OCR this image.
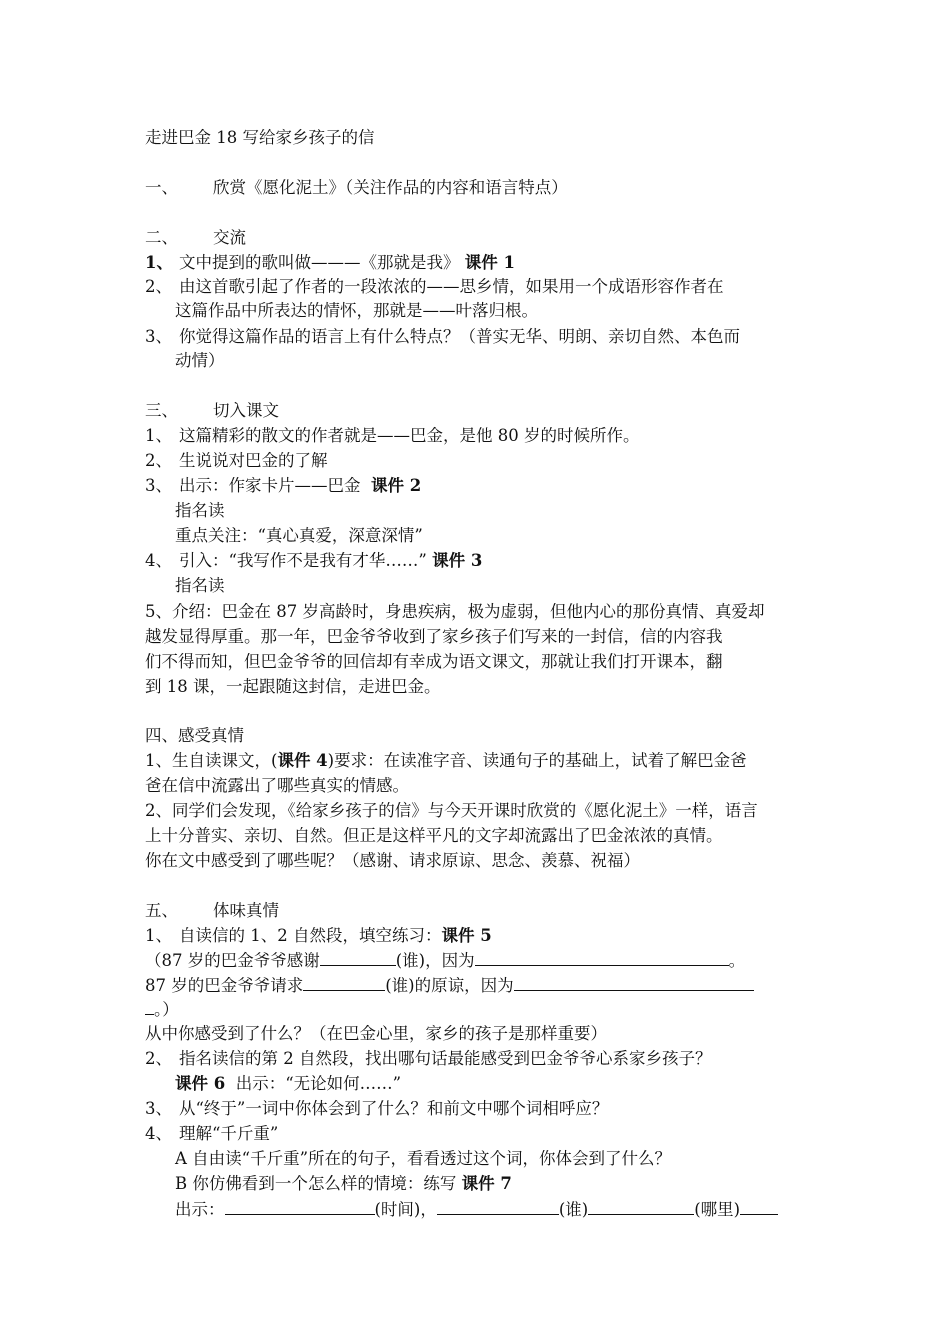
走进巴金 18 写给家乡孩子的信
一、 欣赏《愿化泥土》（关注作品的内容和语言特点）
二、 交流
1、 文中提到的歌叫做———《那就是我》 课件 1
2、 由这首歌引起了作者的一段浓浓的——思乡情，如果用一个成语形容作者在
这篇作品中所表达的情怀，那就是——叶落归根。
3、 你觉得这篇作品的语言上有什么特点？（普实无华、明朗、亲切自然、本色而
动情）
三、 切入课文
1、 这篇精彩的散文的作者就是——巴金，是他 80 岁的时候所作。
2、 生说说对巴金的了解
3、 出示：作家卡片——巴金 课件 2
指名读
重点关注：“真心真爱，深意深情”
4、 引入：“我写作不是我有才华……” 课件 3
指名读
5、介绍：巴金在 87 岁高龄时，身患疾病，极为虚弱，但他内心的那份真情、真爱却
越发显得厚重。那一年，巴金爷爷收到了家乡孩子们写来的一封信，信的内容我
们不得而知，但巴金爷爷的回信却有幸成为语文课文，那就让我们打开课本，翻
到 18 课，一起跟随这封信，走进巴金。
四、感受真情
1、生自读课文，(课件 4)要求：在读准字音、读通句子的基础上，试着了解巴金爸
爸在信中流露出了哪些真实的情感。
2、同学们会发现，《给家乡孩子的信》与今天开课时欣赏的《愿化泥土》一样，语言
上十分普实、亲切、自然。但正是这样平凡的文字却流露出了巴金浓浓的真情。
你在文中感受到了哪些呢？（感谢、请求原谅、思念、羡慕、祝福）
五、 体味真情
1、 自读信的 1、2 自然段，填空练习：课件 5
（87 岁的巴金爷爷感谢	(谁)，因为	。
87 岁的巴金爷爷请求	(谁)的原谅，因为
。）
从中你感受到了什么？（在巴金心里，家乡的孩子是那样重要）
2、 指名读信的第 2 自然段，找出哪句话最能感受到巴金爷爷心系家乡孩子？
课件 6 出示：“无论如何……”
3、 从“终于”一词中你体会到了什么？和前文中哪个词相呼应？
4、 理解“千斤重”
A 自由读“千斤重”所在的句子，看看透过这个词，你体会到了什么？
B 你仿佛看到一个怎么样的情境：练写 课件 7
出示：	(时间)，	(谁)	(哪里)
